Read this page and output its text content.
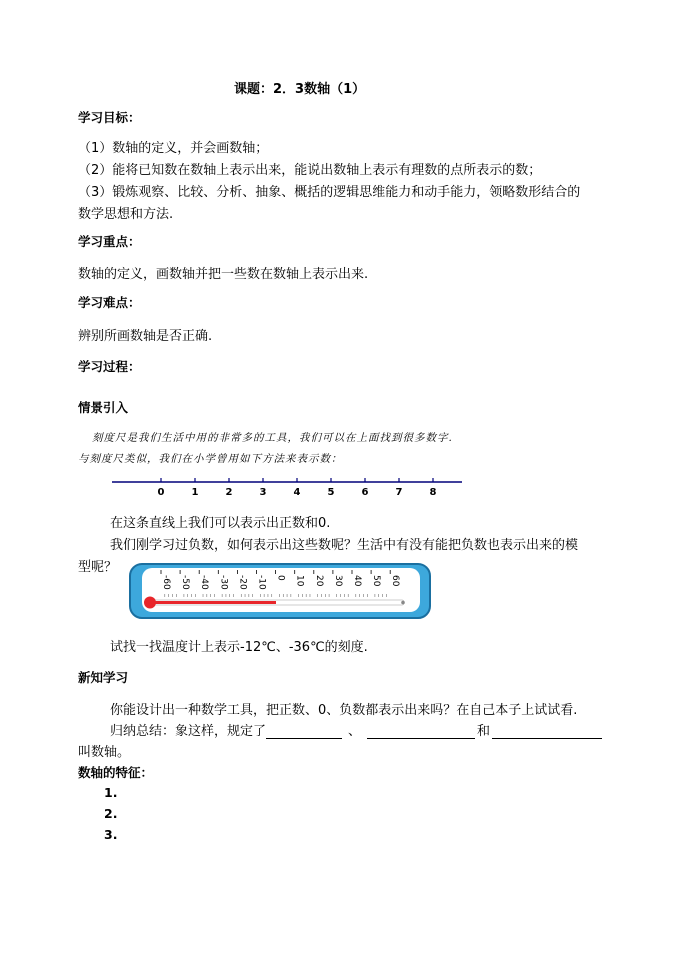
课题：2．3数轴（1）
学习目标：
（1）数轴的定义，并会画数轴；
（2）能将已知数在数轴上表示出来，能说出数轴上表示有理数的点所表示的数；
（3）锻炼观察、比较、分析、抽象、概括的逻辑思维能力和动手能力，领略数形结合的
数学思想和方法.
学习重点：
数轴的定义，画数轴并把一些数在数轴上表示出来.
学习难点：
辨别所画数轴是否正确.
学习过程：
情景引入
刻度尺是我们生活中用的非常多的工具，我们可以在上面找到很多数字.
与刻度尺类似，我们在小学曾用如下方法来表示数：
0	1	2	3	4	5	6	7	8
在这条直线上我们可以表示出正数和0.
我们刚学习过负数，如何表示出这些数呢？生活中有没有能把负数也表示出来的模
型呢？
-60 -50 -40 -30 -20 -10 0 10 20 30 40 50 60
试找一找温度计上表示-12℃、-36℃的刻度.
新知学习
你能设计出一种数学工具，把正数、0、负数都表示出来吗？在自己本子上试试看.
归纳总结：象这样，规定了	、	和
叫数轴。
数轴的特征：
1.
2.
3.
